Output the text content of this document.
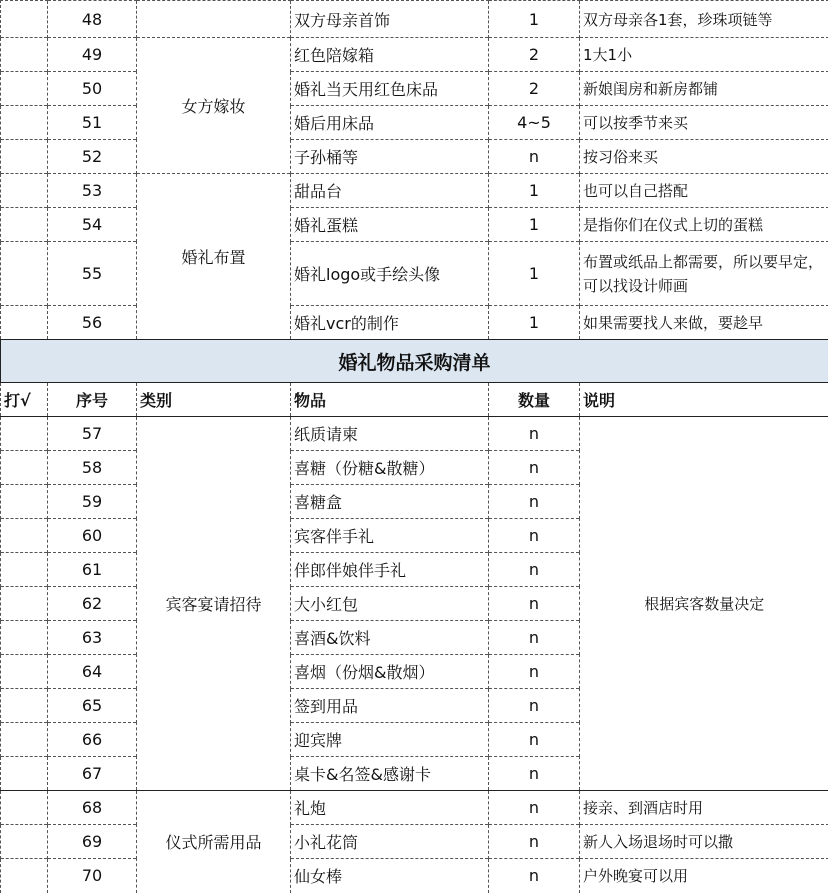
	48		双方母亲首饰	1	双方母亲各1套，珍珠项链等
	49	女方嫁妆	红色陪嫁箱	2	1大1小
	50		婚礼当天用红色床品	2	新娘闺房和新房都铺
	51		婚后用床品	4~5	可以按季节来买
	52		子孙桶等	n	按习俗来买
	53	婚礼布置	甜品台	1	也可以自己搭配
	54		婚礼蛋糕	1	是指你们在仪式上切的蛋糕
	55		婚礼logo或手绘头像	1	布置或纸品上都需要，所以要早定，可以找设计师画
	56		婚礼vcr的制作	1	如果需要找人来做，要趁早
婚礼物品采购清单					
打√	序号	类别	物品	数量	说明
	57	宾客宴请招待	纸质请柬	n	根据宾客数量决定
	58		喜糖（份糖&散糖）	n	
	59		喜糖盒	n	
	60		宾客伴手礼	n	
	61		伴郎伴娘伴手礼	n	
	62		大小红包	n	
	63		喜酒&饮料	n	
	64		喜烟（份烟&散烟）	n	
	65		签到用品	n	
	66		迎宾牌	n	
	67		桌卡&名签&感谢卡	n	
	68	仪式所需用品	礼炮	n	接亲、到酒店时用
	69		小礼花筒	n	新人入场退场时可以撒
	70		仙女棒	n	户外晚宴可以用
